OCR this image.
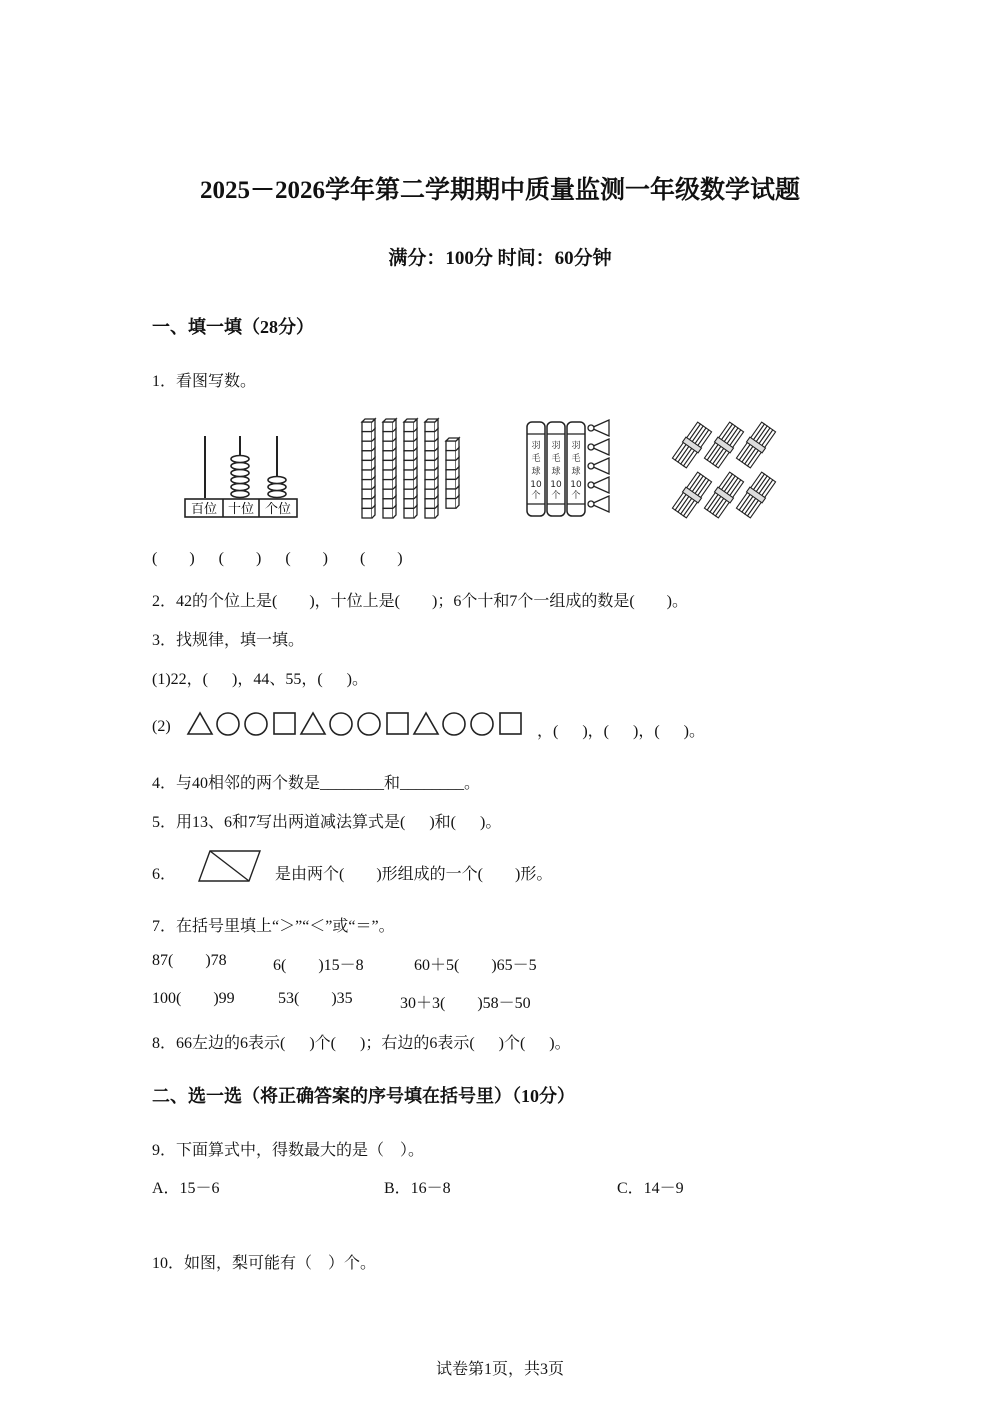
2025－2026学年第二学期期中质量监测一年级数学试题
满分：100分 时间：60分钟
一、填一填（28分）
1．看图写数。
百位 十位 个位
羽
毛
球
10
个
羽
毛
球
10
个
羽
毛
球
10
个
(        )      (        )      (        )        (        )
2．42的个位上是(        )，十位上是(        )；6个十和7个一组成的数是(        )。
3．找规律，填一填。
(1)22，(      )，44、55，(      )。
(2)	，(      )，(      )，(      )。
4．与40相邻的两个数是________和________。
5．用13、6和7写出两道减法算式是(      )和(      )。
6．	是由两个(        )形组成的一个(        )形。
7．在括号里填上“＞”“＜”或“＝”。
87(        )78	6(        )15－8	60＋5(        )65－5
100(        )99	53(        )35	30＋3(        )58－50
8．66左边的6表示(      )个(      )；右边的6表示(      )个(      )。
二、选一选（将正确答案的序号填在括号里）（10分）
9．下面算式中，得数最大的是（    ）。
A．15－6	B．16－8	C．14－9
10．如图，梨可能有（    ）个。
试卷第1页，共3页
